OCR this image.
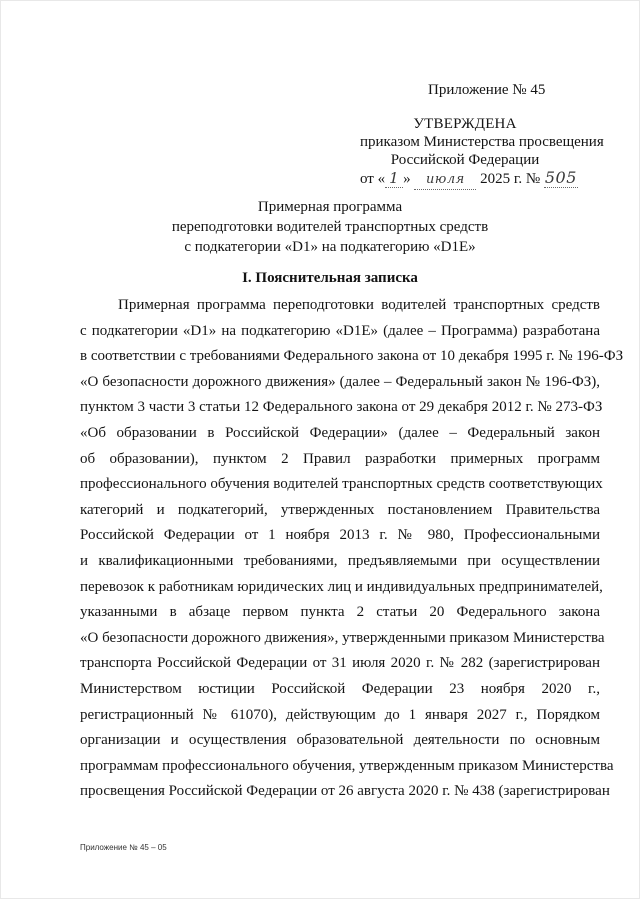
Приложение № 45
УТВЕРЖДЕНА
приказом Министерства просвещения
Российской Федерации
от « 1 » июля 2025 г. № 505
Примерная программа
переподготовки водителей транспортных средств
с подкатегории «D1» на подкатегорию «D1E»
I. Пояснительная записка
Примерная программа переподготовки водителей транспортных средств
с подкатегории «D1» на подкатегорию «D1E» (далее – Программа) разработана
в соответствии с требованиями Федерального закона от 10 декабря 1995 г. № 196-ФЗ
«О безопасности дорожного движения» (далее – Федеральный закон № 196-ФЗ),
пунктом 3 части 3 статьи 12 Федерального закона от 29 декабря 2012 г. № 273-ФЗ
«Об образовании в Российской Федерации» (далее – Федеральный закон
об образовании), пунктом 2 Правил разработки примерных программ
профессионального обучения водителей транспортных средств соответствующих
категорий и подкатегорий, утвержденных постановлением Правительства
Российской Федерации от 1 ноября 2013 г. № 980, Профессиональными
и квалификационными требованиями, предъявляемыми при осуществлении
перевозок к работникам юридических лиц и индивидуальных предпринимателей,
указанными в абзаце первом пункта 2 статьи 20 Федерального закона
«О безопасности дорожного движения», утвержденными приказом Министерства
транспорта Российской Федерации от 31 июля 2020 г. № 282 (зарегистрирован
Министерством юстиции Российской Федерации 23 ноября 2020 г.,
регистрационный № 61070), действующим до 1 января 2027 г., Порядком
организации и осуществления образовательной деятельности по основным
программам профессионального обучения, утвержденным приказом Министерства
просвещения Российской Федерации от 26 августа 2020 г. № 438 (зарегистрирован
Приложение № 45 – 05
